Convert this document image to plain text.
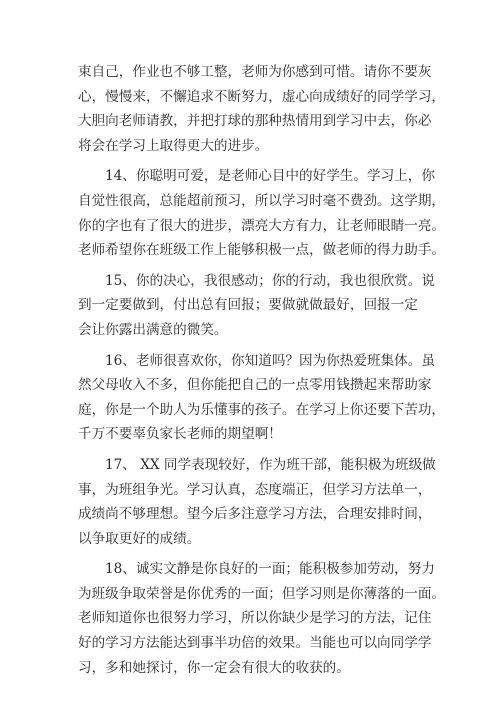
束自己，作业也不够工整，老师为你感到可惜。请你不要灰
心，慢慢来，不懈追求不断努力，虚心向成绩好的同学学习，
大胆向老师请教，并把打球的那种热情用到学习中去，你必
将会在学习上取得更大的进步。

14、你聪明可爱，是老师心目中的好学生。学习上，你
自觉性很高，总能超前预习，所以学习时毫不费劲。这学期，
你的字也有了很大的进步，漂亮大方有力，让老师眼睛一亮。
老师希望你在班级工作上能够积极一点，做老师的得力助手。

15、你的决心，我很感动；你的行动，我也很欣赏。说
到一定要做到，付出总有回报；要做就做最好，回报一定
会让你露出满意的微笑。

16、老师很喜欢你，你知道吗？因为你热爱班集体。虽
然父母收入不多，但你能把自己的一点零用钱攒起来帮助家
庭，你是一个助人为乐懂事的孩子。在学习上你还要下苦功，
千万不要辜负家长老师的期望啊！

17、 XX 同学表现较好，作为班干部，能积极为班级做
事，为班组争光。学习认真，态度端正，但学习方法单一，
成绩尚不够理想。望今后多注意学习方法，合理安排时间，
以争取更好的成绩。

18、诚实文静是你良好的一面；能积极参加劳动，努力
为班级争取荣誉是你优秀的一面；但学习则是你薄落的一面。
老师知道你也很努力学习，所以你缺少是学习的方法，记住
好的学习方法能达到事半功倍的效果。当能也可以向同学学
习，多和她探讨，你一定会有很大的收获的。
